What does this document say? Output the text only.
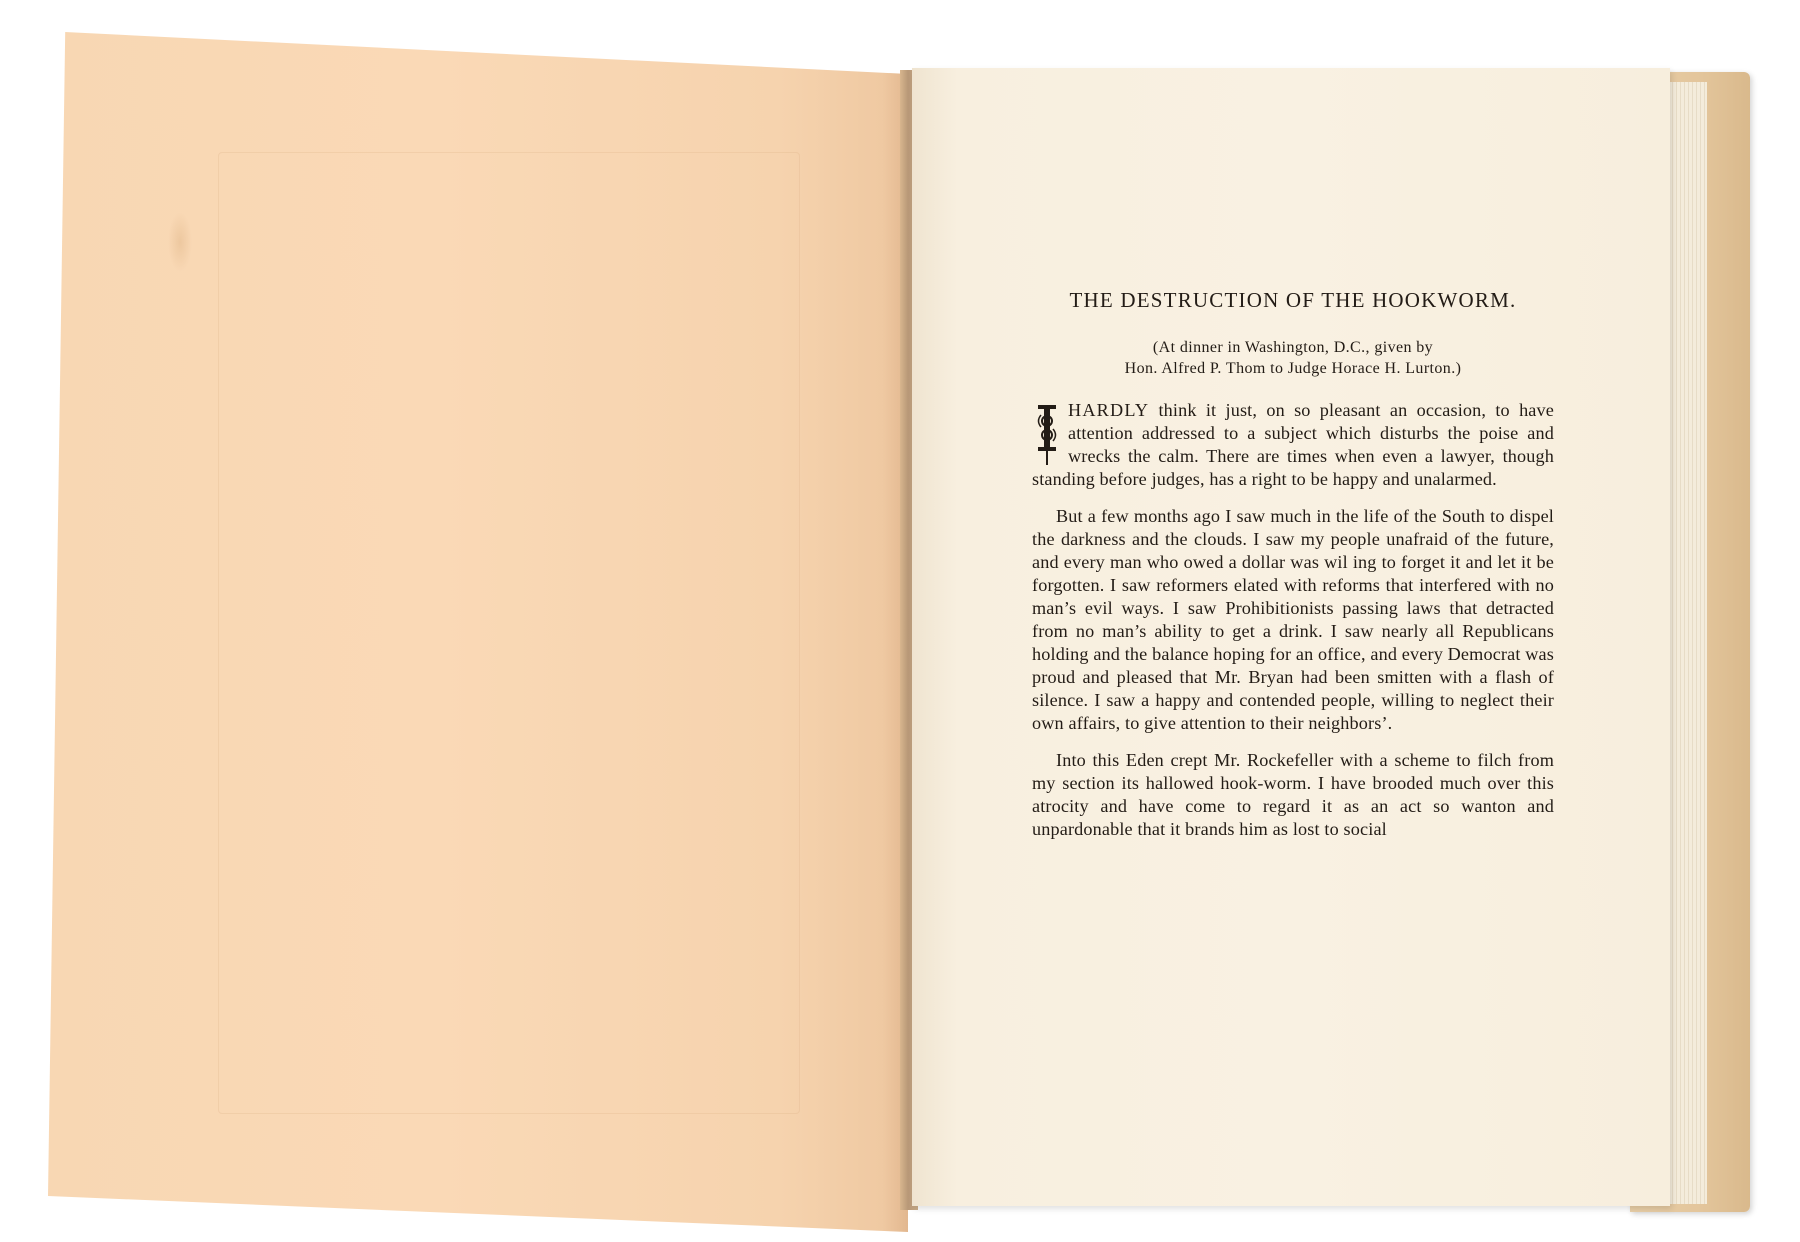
THE DESTRUCTION OF THE HOOKWORM.

(At dinner in Washington, D.C., given by
Hon. Alfred P. Thom to Judge Horace H. Lurton.)

HARDLY think it just, on so pleasant an occasion, to have attention addressed to a subject which disturbs the poise and wrecks the calm. There are times when even a lawyer, though standing before judges, has a right to be happy and unalarmed.

But a few months ago I saw much in the life of the South to dispel the darkness and the clouds. I saw my people unafraid of the future, and every man who owed a dollar was wil ing to forget it and let it be forgotten. I saw reformers elated with reforms that interfered with no man’s evil ways. I saw Prohibitionists passing laws that detracted from no man’s ability to get a drink. I saw nearly all Republicans holding and the balance hoping for an office, and every Democrat was proud and pleased that Mr. Bryan had been smitten with a flash of silence. I saw a happy and contended people, willing to neglect their own affairs, to give attention to their neighbors’.

Into this Eden crept Mr. Rockefeller with a scheme to filch from my section its hallowed hook-worm. I have brooded much over this atrocity and have come to regard it as an act so wanton and unpardonable that it brands him as lost to social
